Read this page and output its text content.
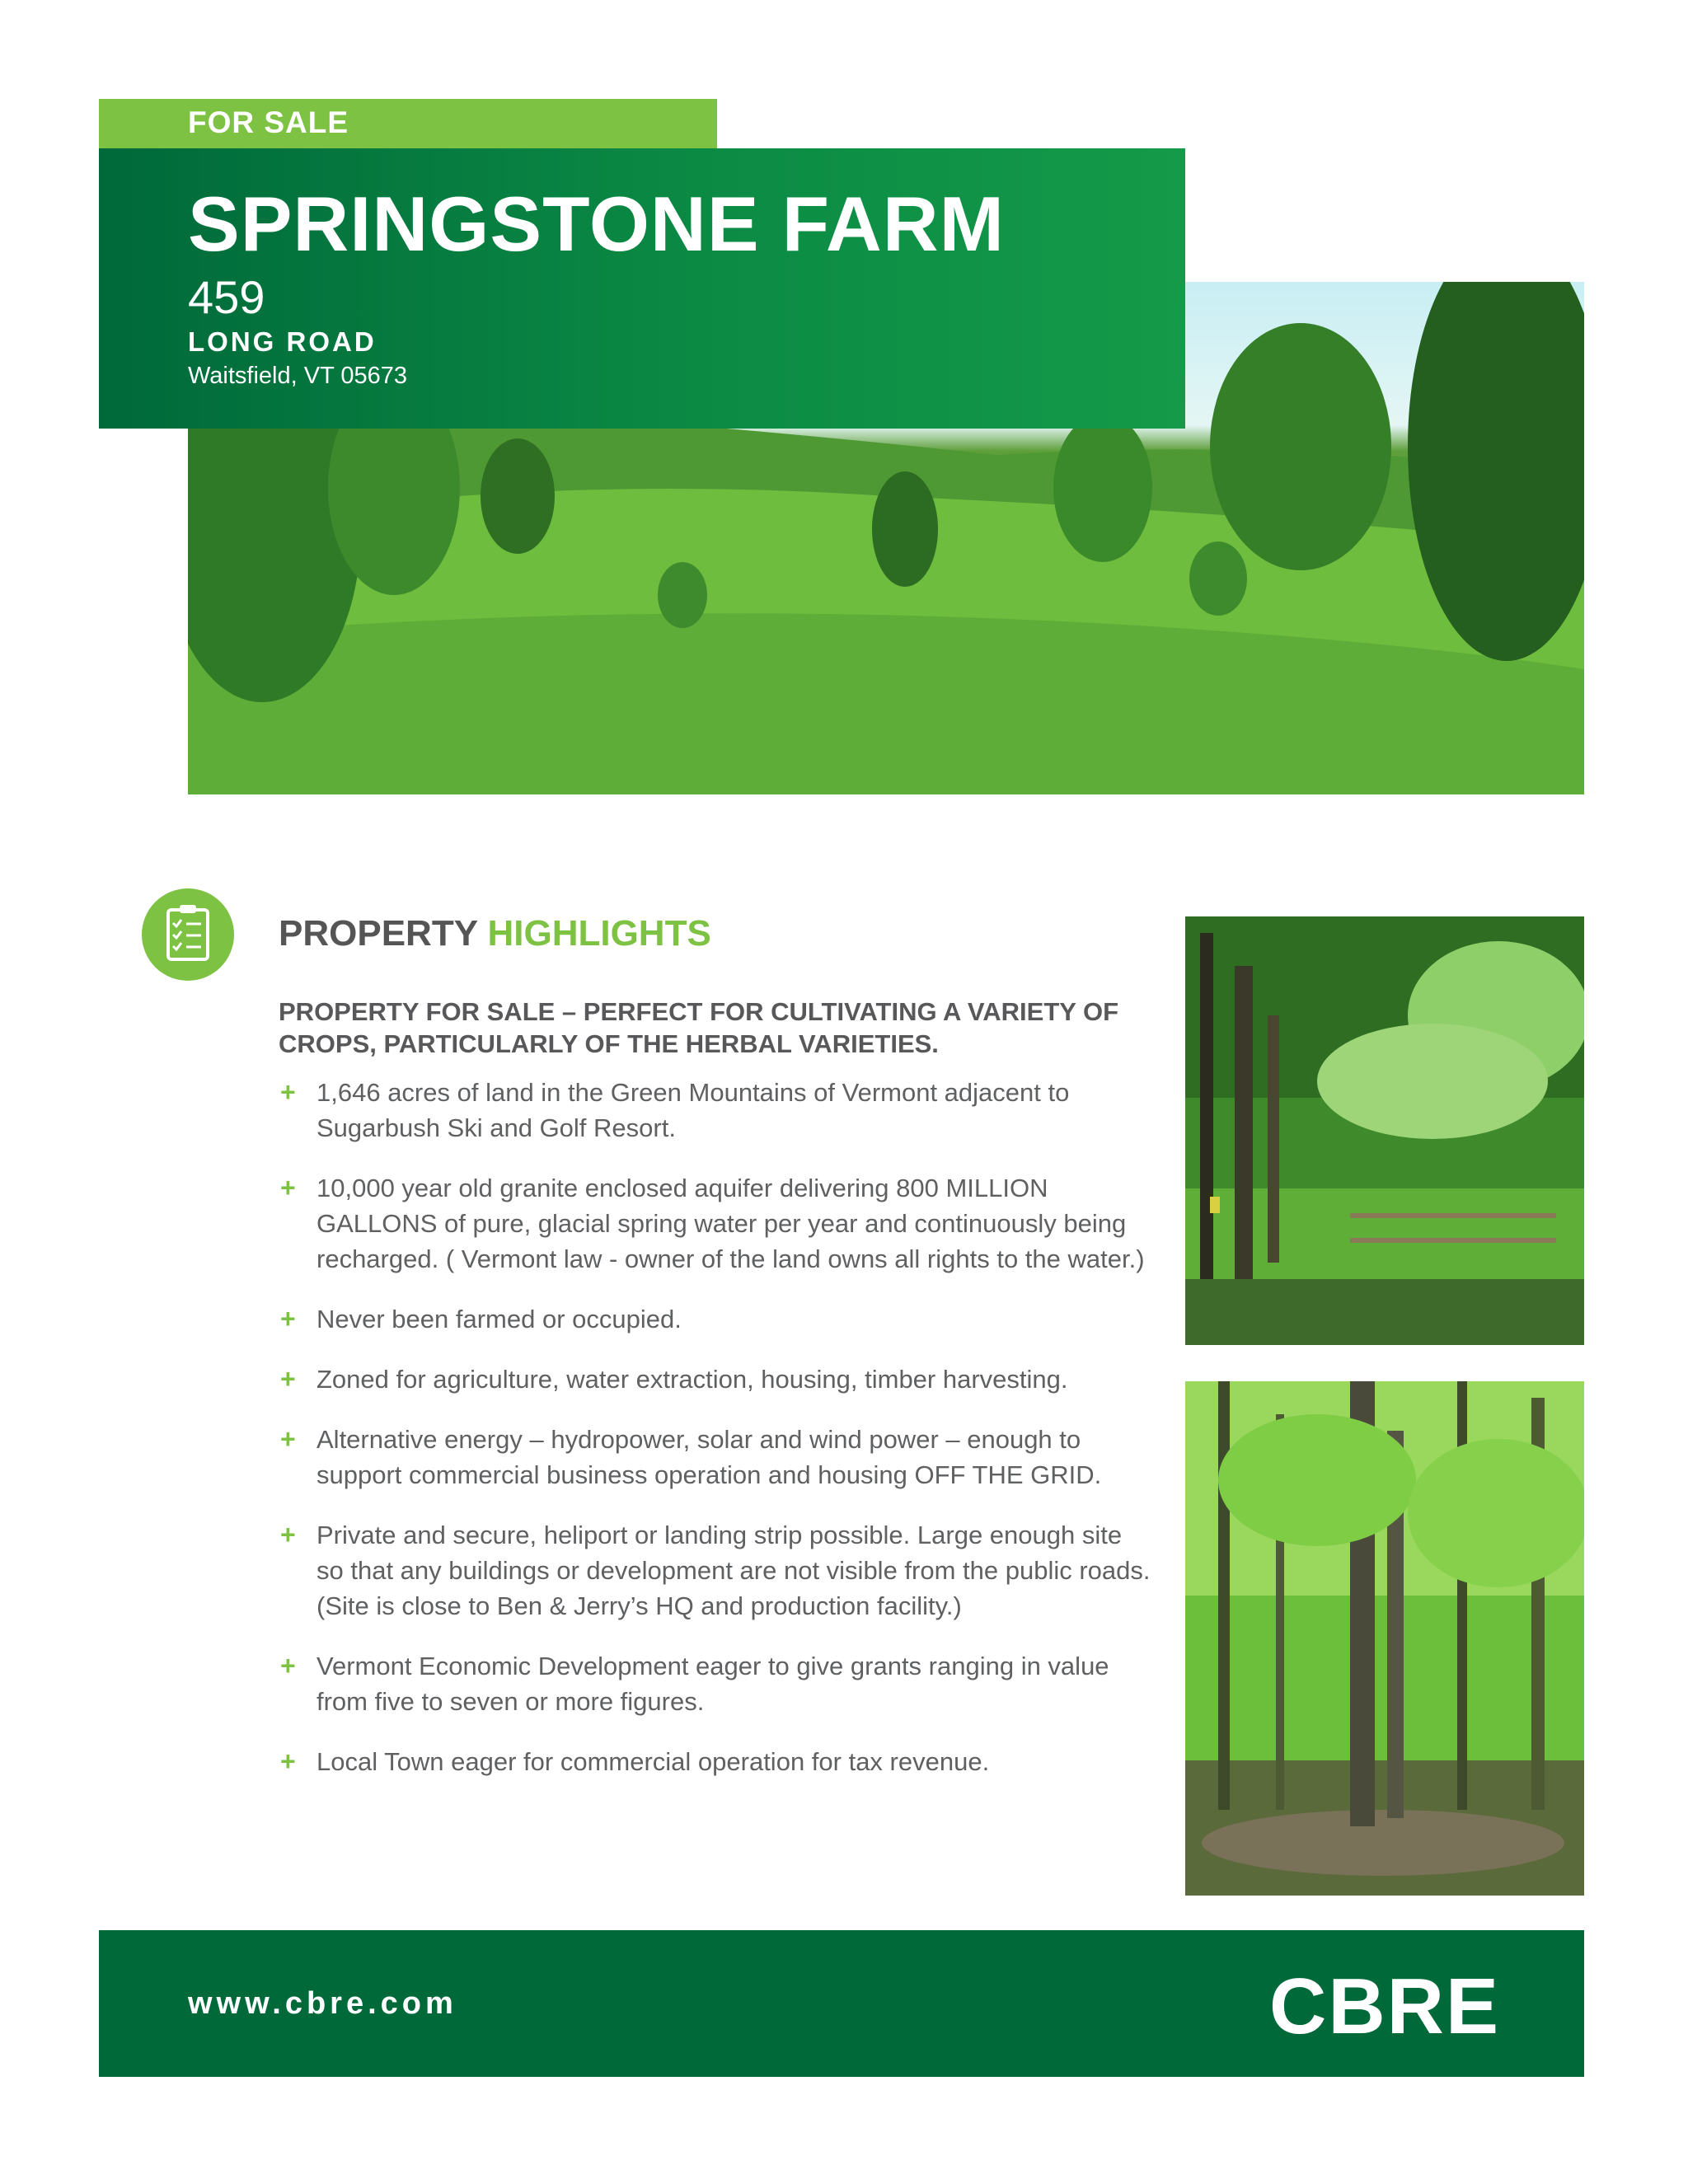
FOR SALE
SPRINGSTONE FARM
459
LONG ROAD
Waitsfield, VT 05673
PROPERTY HIGHLIGHTS
PROPERTY FOR SALE – PERFECT FOR CULTIVATING A VARIETY OF CROPS, PARTICULARLY OF THE HERBAL VARIETIES.
+ 1,646 acres of land in the Green Mountains of Vermont adjacent to Sugarbush Ski and Golf Resort.
+ 10,000 year old granite enclosed aquifer delivering 800 MILLION GALLONS of pure, glacial spring water per year and continuously being recharged. ( Vermont law - owner of the land owns all rights to the water.)
+ Never been farmed or occupied.
+ Zoned for agriculture, water extraction, housing, timber harvesting.
+ Alternative energy – hydropower, solar and wind power – enough to support commercial business operation and housing OFF THE GRID.
+ Private and secure, heliport or landing strip possible. Large enough site so that any buildings or development are not visible from the public roads. (Site is close to Ben & Jerry’s HQ and production facility.)
+ Vermont Economic Development eager to give grants ranging in value from five to seven or more figures.
+ Local Town eager for commercial operation for tax revenue.
www.cbre.com	CBRE
